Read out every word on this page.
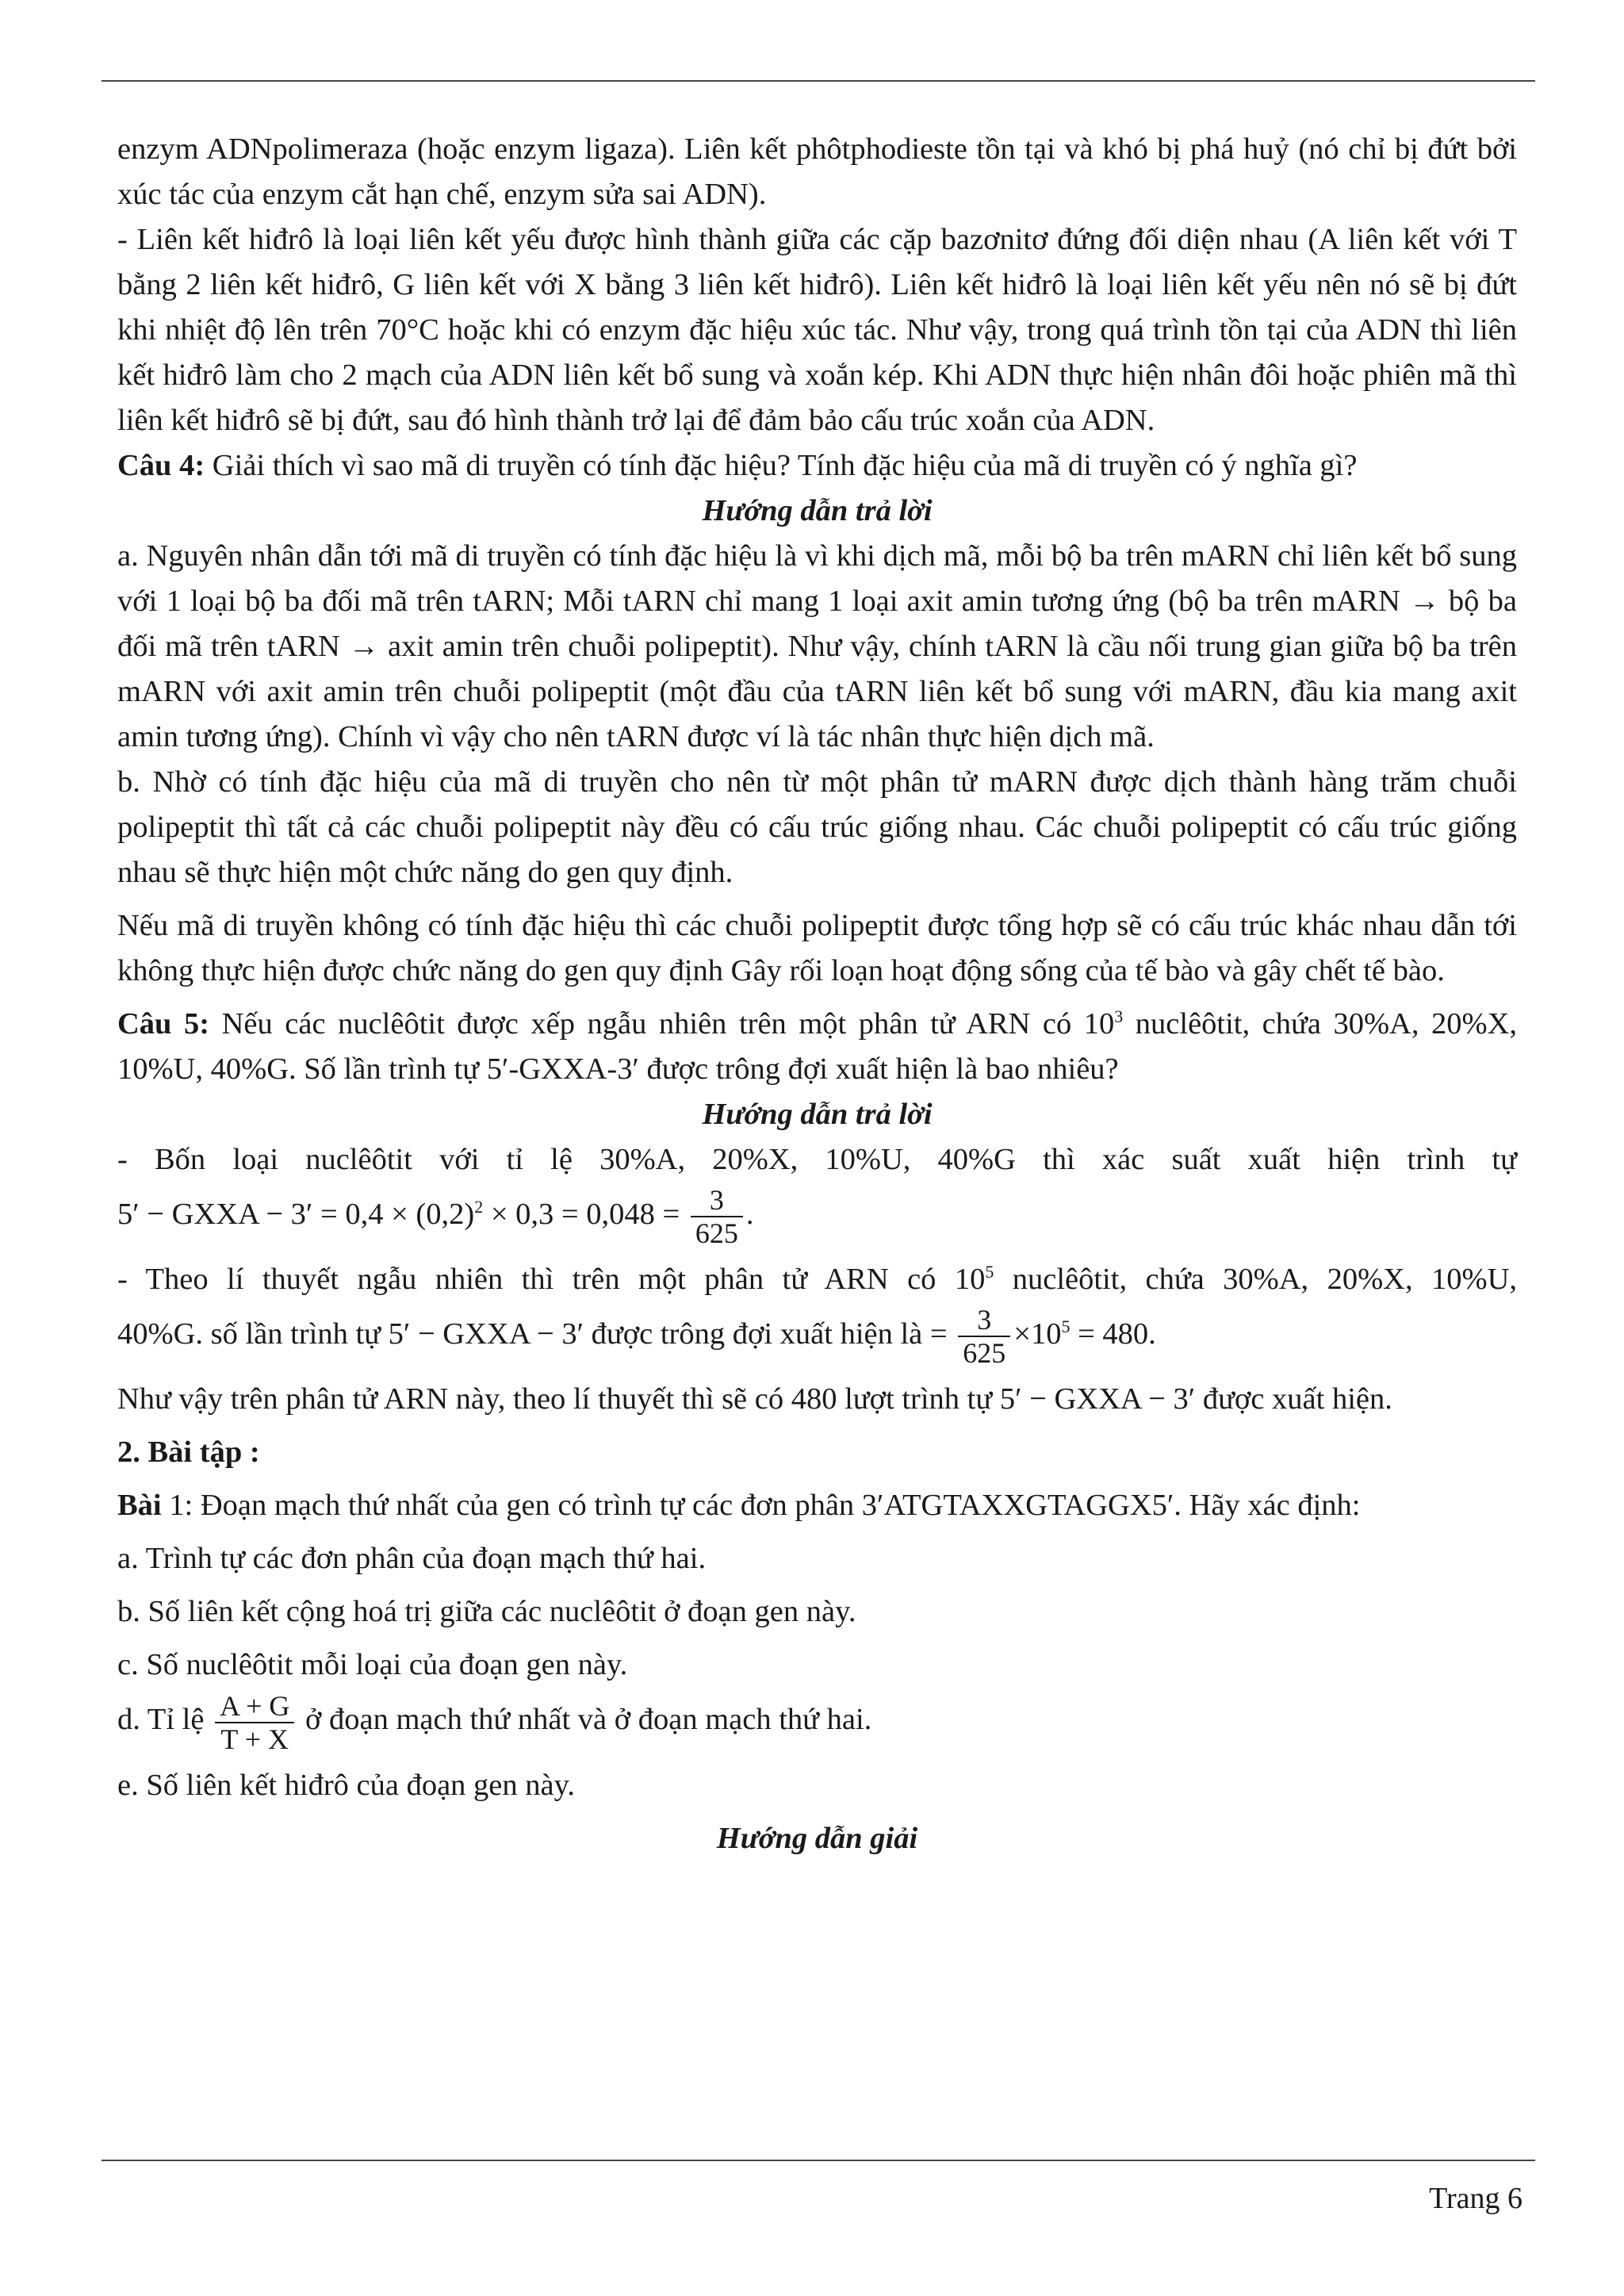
enzym ADNpolimeraza (hoặc enzym ligaza). Liên kết phôtphodieste tồn tại và khó bị phá huỷ (nó chỉ bị đứt bởi xúc tác của enzym cắt hạn chế, enzym sửa sai ADN).

- Liên kết hiđrô là loại liên kết yếu được hình thành giữa các cặp bazơnitơ đứng đối diện nhau (A liên kết với T bằng 2 liên kết hiđrô, G liên kết với X bằng 3 liên kết hiđrô). Liên kết hiđrô là loại liên kết yếu nên nó sẽ bị đứt khi nhiệt độ lên trên 70°C hoặc khi có enzym đặc hiệu xúc tác. Như vậy, trong quá trình tồn tại của ADN thì liên kết hiđrô làm cho 2 mạch của ADN liên kết bổ sung và xoắn kép. Khi ADN thực hiện nhân đôi hoặc phiên mã thì liên kết hiđrô sẽ bị đứt, sau đó hình thành trở lại để đảm bảo cấu trúc xoắn của ADN.

Câu 4: Giải thích vì sao mã di truyền có tính đặc hiệu? Tính đặc hiệu của mã di truyền có ý nghĩa gì?

Hướng dẫn trả lời

a. Nguyên nhân dẫn tới mã di truyền có tính đặc hiệu là vì khi dịch mã, mỗi bộ ba trên mARN chỉ liên kết bổ sung với 1 loại bộ ba đối mã trên tARN; Mỗi tARN chỉ mang 1 loại axit amin tương ứng (bộ ba trên mARN → bộ ba đối mã trên tARN → axit amin trên chuỗi polipeptit). Như vậy, chính tARN là cầu nối trung gian giữa bộ ba trên mARN với axit amin trên chuỗi polipeptit (một đầu của tARN liên kết bổ sung với mARN, đầu kia mang axit amin tương ứng). Chính vì vậy cho nên tARN được ví là tác nhân thực hiện dịch mã.

b. Nhờ có tính đặc hiệu của mã di truyền cho nên từ một phân tử mARN được dịch thành hàng trăm chuỗi polipeptit thì tất cả các chuỗi polipeptit này đều có cấu trúc giống nhau. Các chuỗi polipeptit có cấu trúc giống nhau sẽ thực hiện một chức năng do gen quy định.

Nếu mã di truyền không có tính đặc hiệu thì các chuỗi polipeptit được tổng hợp sẽ có cấu trúc khác nhau dẫn tới không thực hiện được chức năng do gen quy định Gây rối loạn hoạt động sống của tế bào và gây chết tế bào.

Câu 5: Nếu các nuclêôtit được xếp ngẫu nhiên trên một phân tử ARN có $10^3$ nuclêôtit, chứa 30%A, 20%X, 10%U, 40%G. Số lần trình tự 5′-GXXA-3′ được trông đợi xuất hiện là bao nhiêu?

Hướng dẫn trả lời

- Bốn loại nuclêôtit với tỉ lệ 30%A, 20%X, 10%U, 40%G thì xác suất xuất hiện trình tự

5′ − GXXA − $3' = 0,4 \times (0,2)^2 \times 0,3 = 0,048 = \frac{3}{625}$ .

- Theo lí thuyết ngẫu nhiên thì trên một phân tử ARN có $10^5$ nuclêôtit, chứa 30%A, 20%X, 10%U,

40%G. số lần trình tự 5′ − GXXA − 3′ được trông đợi xuất hiện là = $\frac{3}{625} \times 10^5 = 480$.

Như vậy trên phân tử ARN này, theo lí thuyết thì sẽ có 480 lượt trình tự 5′ − GXXA − 3′ được xuất hiện.

2. Bài tập :

Bài 1: Đoạn mạch thứ nhất của gen có trình tự các đơn phân 3′ATGTAXXGTAGGX5′. Hãy xác định:

a. Trình tự các đơn phân của đoạn mạch thứ hai.

b. Số liên kết cộng hoá trị giữa các nuclêôtit ở đoạn gen này.

c. Số nuclêôtit mỗi loại của đoạn gen này.

d. Tỉ lệ $\frac{A + G}{T + X}$ ở đoạn mạch thứ nhất và ở đoạn mạch thứ hai.

e. Số liên kết hiđrô của đoạn gen này.

Hướng dẫn giải

Trang 6
